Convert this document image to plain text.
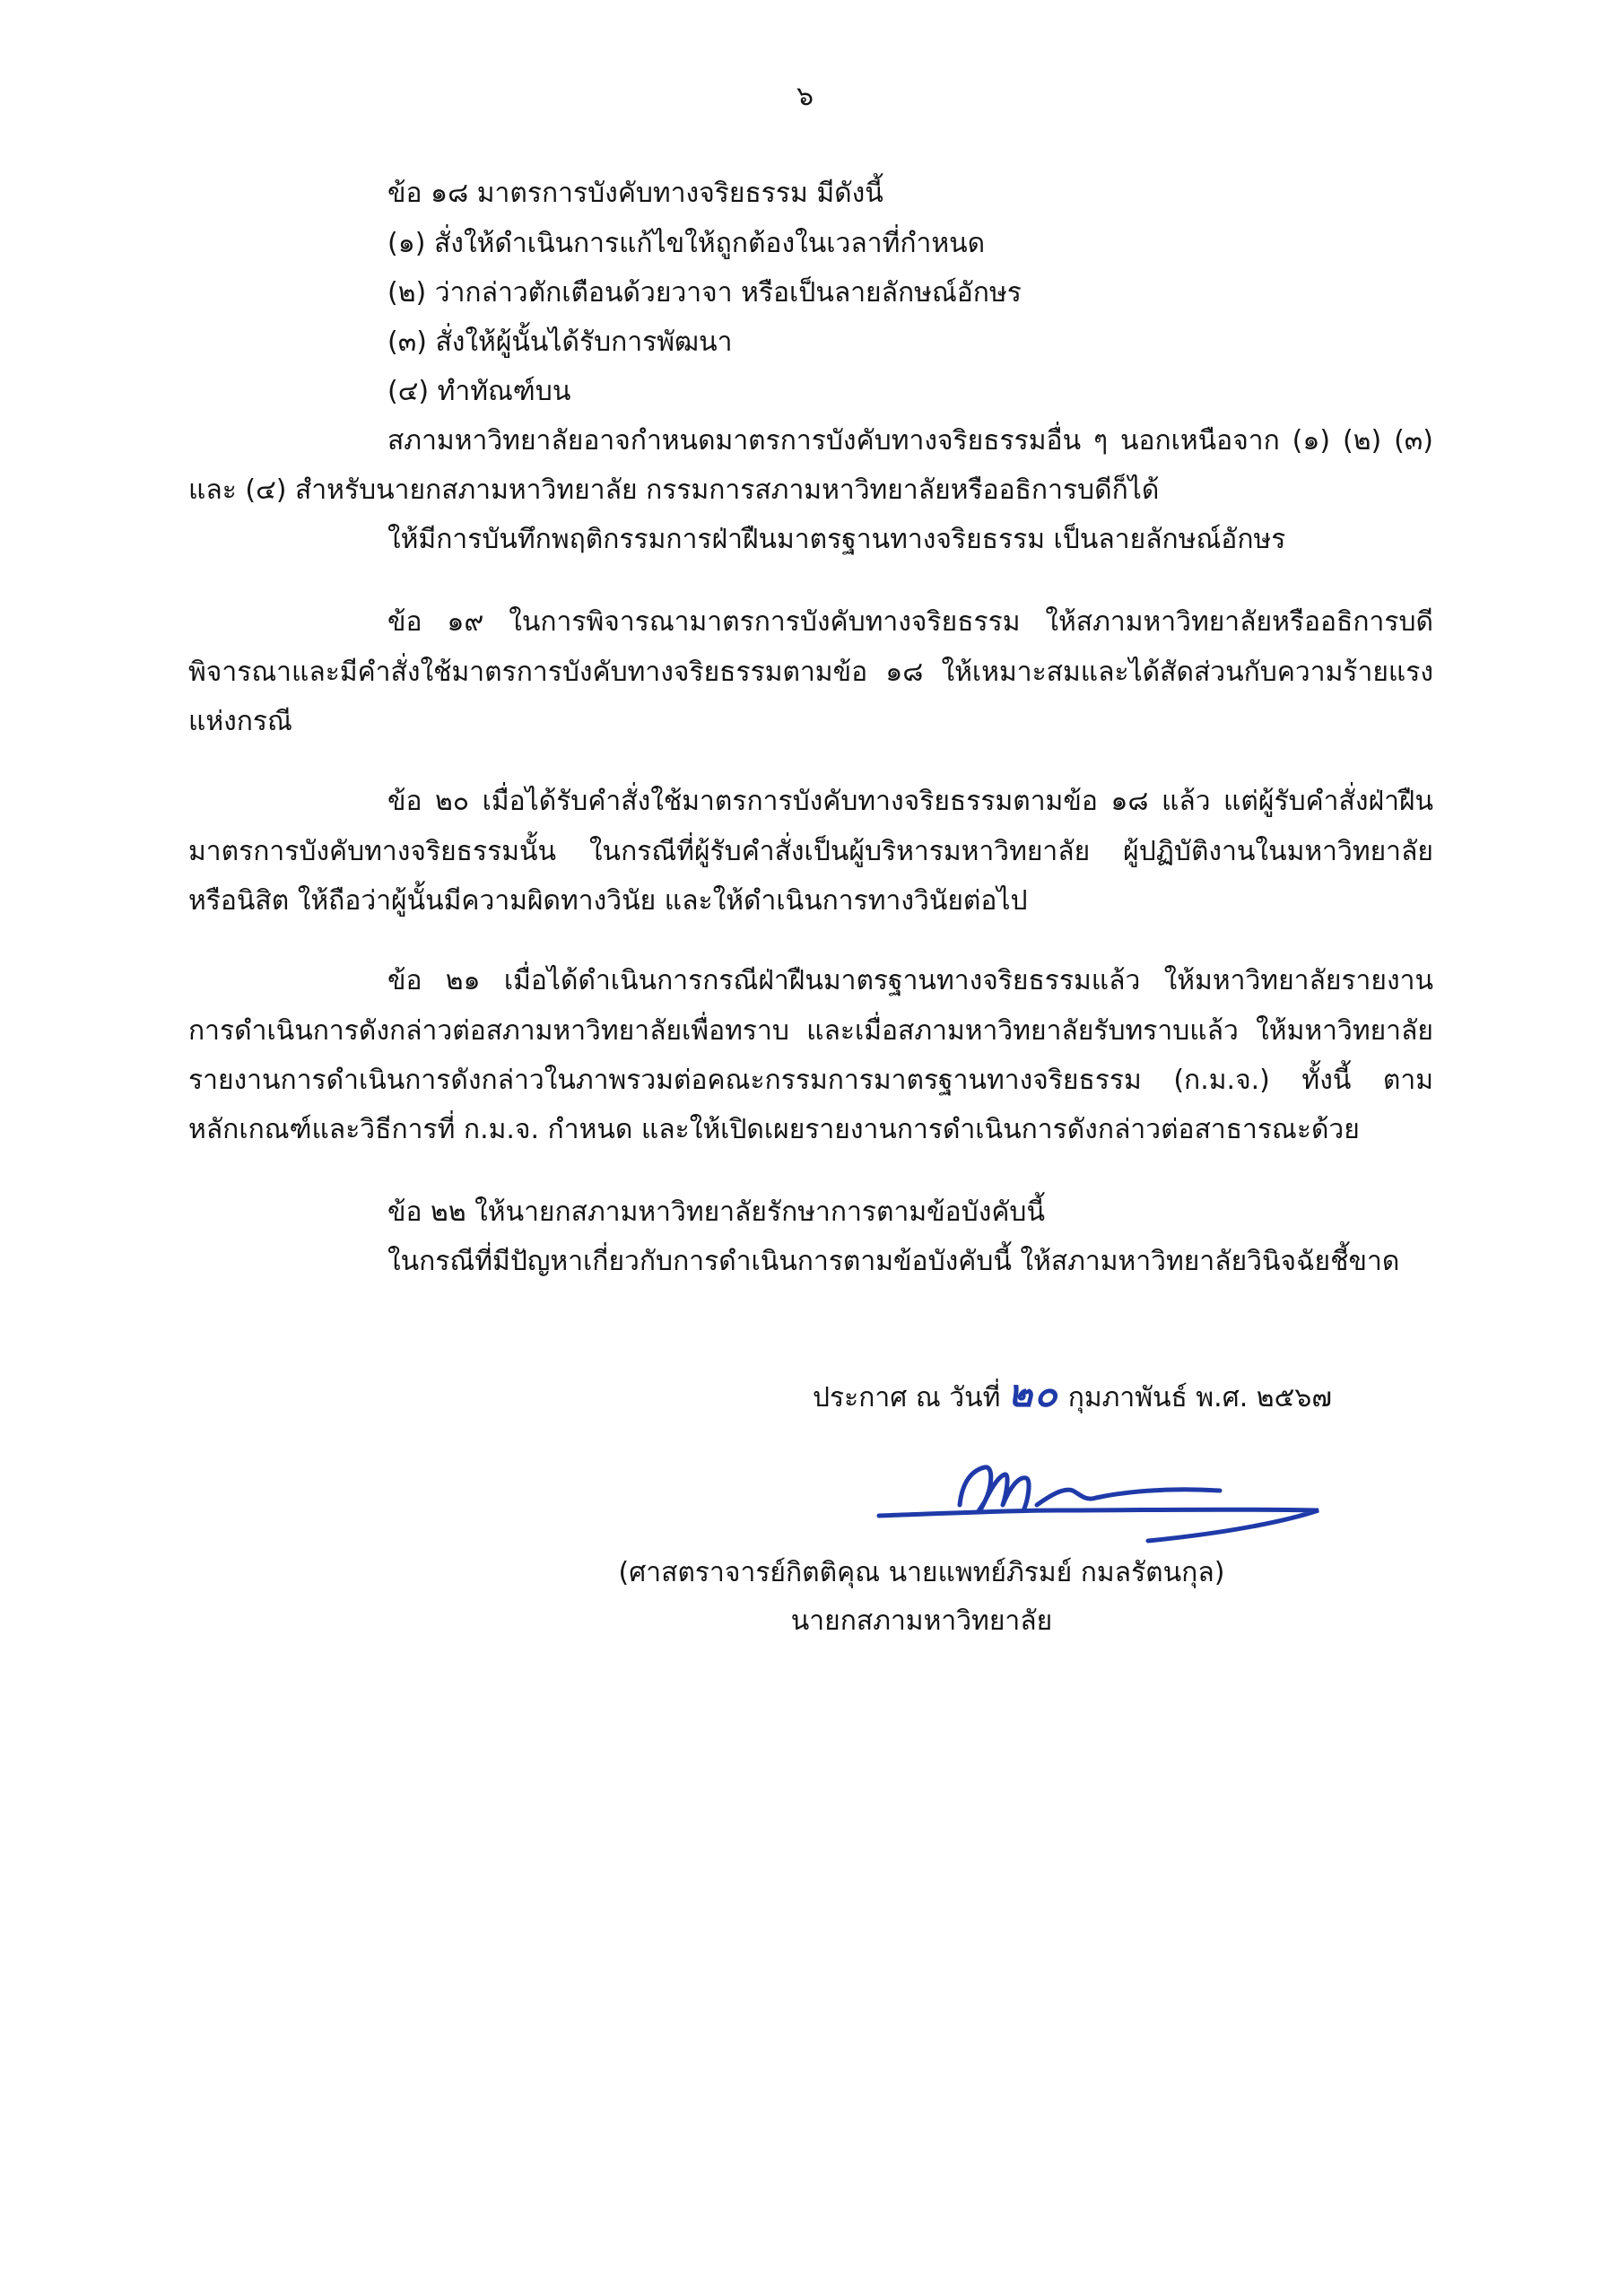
๖
ข้อ ๑๘ มาตรการบังคับทางจริยธรรม มีดังนี้
(๑) สั่งให้ดำเนินการแก้ไขให้ถูกต้องในเวลาที่กำหนด
(๒) ว่ากล่าวตักเตือนด้วยวาจา หรือเป็นลายลักษณ์อักษร
(๓) สั่งให้ผู้นั้นได้รับการพัฒนา
(๔) ทำทัณฑ์บน
สภามหาวิทยาลัยอาจกำหนดมาตรการบังคับทางจริยธรรมอื่น ๆ นอกเหนือจาก (๑) (๒) (๓)
และ (๔) สำหรับนายกสภามหาวิทยาลัย กรรมการสภามหาวิทยาลัยหรืออธิการบดีก็ได้
ให้มีการบันทึกพฤติกรรมการฝ่าฝืนมาตรฐานทางจริยธรรม เป็นลายลักษณ์อักษร
ข้อ ๑๙ ในการพิจารณามาตรการบังคับทางจริยธรรม ให้สภามหาวิทยาลัยหรืออธิการบดี
พิจารณาและมีคำสั่งใช้มาตรการบังคับทางจริยธรรมตามข้อ ๑๘ ให้เหมาะสมและได้สัดส่วนกับความร้ายแรง
แห่งกรณี
ข้อ ๒๐ เมื่อได้รับคำสั่งใช้มาตรการบังคับทางจริยธรรมตามข้อ ๑๘ แล้ว แต่ผู้รับคำสั่งฝ่าฝืน
มาตรการบังคับทางจริยธรรมนั้น ในกรณีที่ผู้รับคำสั่งเป็นผู้บริหารมหาวิทยาลัย ผู้ปฏิบัติงานในมหาวิทยาลัย
หรือนิสิต ให้ถือว่าผู้นั้นมีความผิดทางวินัย และให้ดำเนินการทางวินัยต่อไป
ข้อ ๒๑ เมื่อได้ดำเนินการกรณีฝ่าฝืนมาตรฐานทางจริยธรรมแล้ว ให้มหาวิทยาลัยรายงาน
การดำเนินการดังกล่าวต่อสภามหาวิทยาลัยเพื่อทราบ และเมื่อสภามหาวิทยาลัยรับทราบแล้ว ให้มหาวิทยาลัย
รายงานการดำเนินการดังกล่าวในภาพรวมต่อคณะกรรมการมาตรฐานทางจริยธรรม (ก.ม.จ.) ทั้งนี้ ตาม
หลักเกณฑ์และวิธีการที่ ก.ม.จ. กำหนด และให้เปิดเผยรายงานการดำเนินการดังกล่าวต่อสาธารณะด้วย
ข้อ ๒๒ ให้นายกสภามหาวิทยาลัยรักษาการตามข้อบังคับนี้
ในกรณีที่มีปัญหาเกี่ยวกับการดำเนินการตามข้อบังคับนี้ ให้สภามหาวิทยาลัยวินิจฉัยชี้ขาด
ประกาศ ณ วันที่ ๒๐ กุมภาพันธ์ พ.ศ. ๒๕๖๗
(ศาสตราจารย์กิตติคุณ นายแพทย์ภิรมย์ กมลรัตนกุล)
นายกสภามหาวิทยาลัย
